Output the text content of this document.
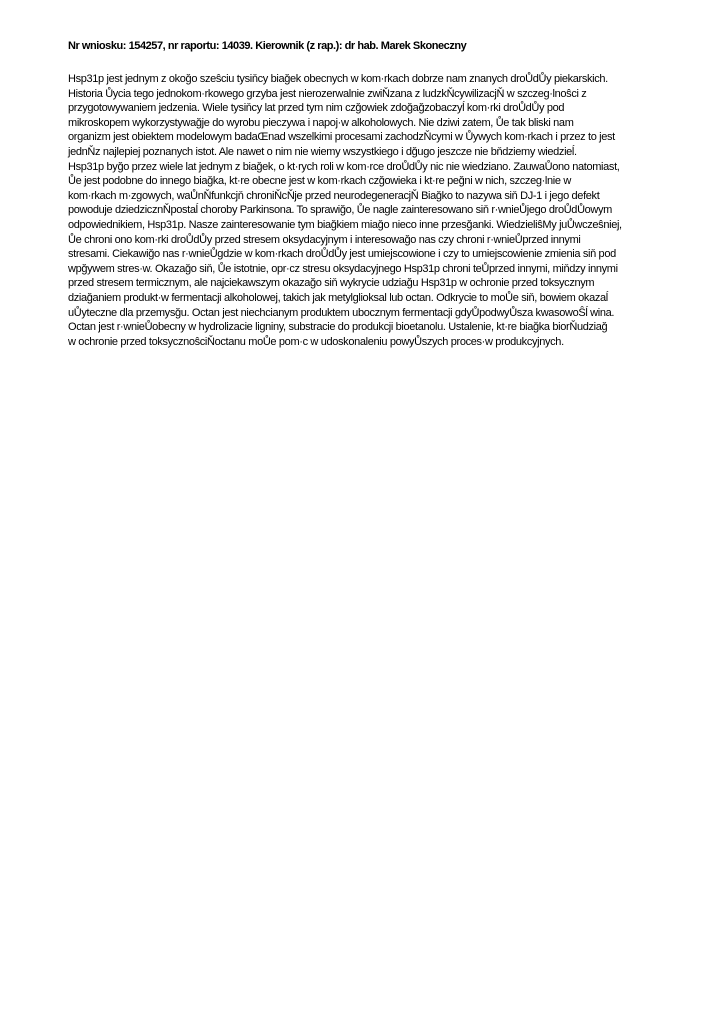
Nr wniosku: 154257, nr raportu: 14039. Kierownik (z rap.): dr hab. Marek Skoneczny
Hsp31p jest jednym z okoğo szeŝciu tysiňcy biağek obecnych w kom·rkach dobrze nam znanych droŮdŮy piekarskich.
Historia Ůycia tego jednokom·rkowego grzyba jest nierozerwalnie zwiŇzana z ludzkŇcywilizacjŇ w szczeg·lnoŝci z
przygotowywaniem jedzenia. Wiele tysiňcy lat przed tym nim czğowiek zdoğağzobaczyĺ kom·rki droŮdŮy pod
mikroskopem wykorzystywağje do wyrobu pieczywa i napoj·w alkoholowych. Nie dziwi zatem, Ůe tak bliski nam
organizm jest obiektem modelowym badaŒnad wszelkimi procesami zachodzŇcymi w Ůywych kom·rkach i przez to jest
jednŇz najlepiej poznanych istot. Ale nawet o nim nie wiemy wszystkiego i dğugo jeszcze nie bňdziemy wiedzieĺ.
Hsp31p byğo przez wiele lat jednym z biağek, o kt·rych roli w kom·rce droŮdŮy nic nie wiedziano. ZauwaŮono natomiast,
Ůe jest podobne do innego biağka, kt·re obecne jest w kom·rkach czğowieka i kt·re peğni w nich, szczeg·lnie w
kom·rkach m·zgowych, waŮnŇfunkcjň chroniŇcŇje przed neurodegeneracjŇ Biağko to nazywa siň DJ-1 i jego defekt
powoduje dziedzicznŇpostaĺ choroby Parkinsona. To sprawiğo, Ůe nagle zainteresowano siň r·wnieŮjego droŮdŮowym
odpowiednikiem, Hsp31p. Nasze zainteresowanie tym biağkiem miağo nieco inne przesğanki. WiedzieliŝMy juŮwczeŝniej,
Ůe chroni ono kom·rki droŮdŮy przed stresem oksydacyjnym i interesowağo nas czy chroni r·wnieŮprzed innymi
stresami. Ciekawiğo nas r·wnieŮgdzie w kom·rkach droŮdŮy jest umiejscowione i czy to umiejscowienie zmienia siň pod
wpğywem stres·w. Okazağo siň, Ůe istotnie, opr·cz stresu oksydacyjnego Hsp31p chroni teŮprzed innymi, miňdzy innymi
przed stresem termicznym, ale najciekawszym okazağo siň wykrycie udziağu Hsp31p w ochronie przed toksycznym
dziağaniem produkt·w fermentacji alkoholowej, takich jak metylglioksal lub octan. Odkrycie to moŮe siň, bowiem okazaĺ
uŮyteczne dla przemysğu. Octan jest niechcianym produktem ubocznym fermentacji gdyŮpodwyŮsza kwasowoŜĺ wina.
Octan jest r·wnieŮobecny w hydrolizacie ligniny, substracie do produkcji bioetanolu. Ustalenie, kt·re biağka biorŇudziağ
w ochronie przed toksycznoŝciŇoctanu moŮe pom·c w udoskonaleniu powyŮszych proces·w produkcyjnych.
